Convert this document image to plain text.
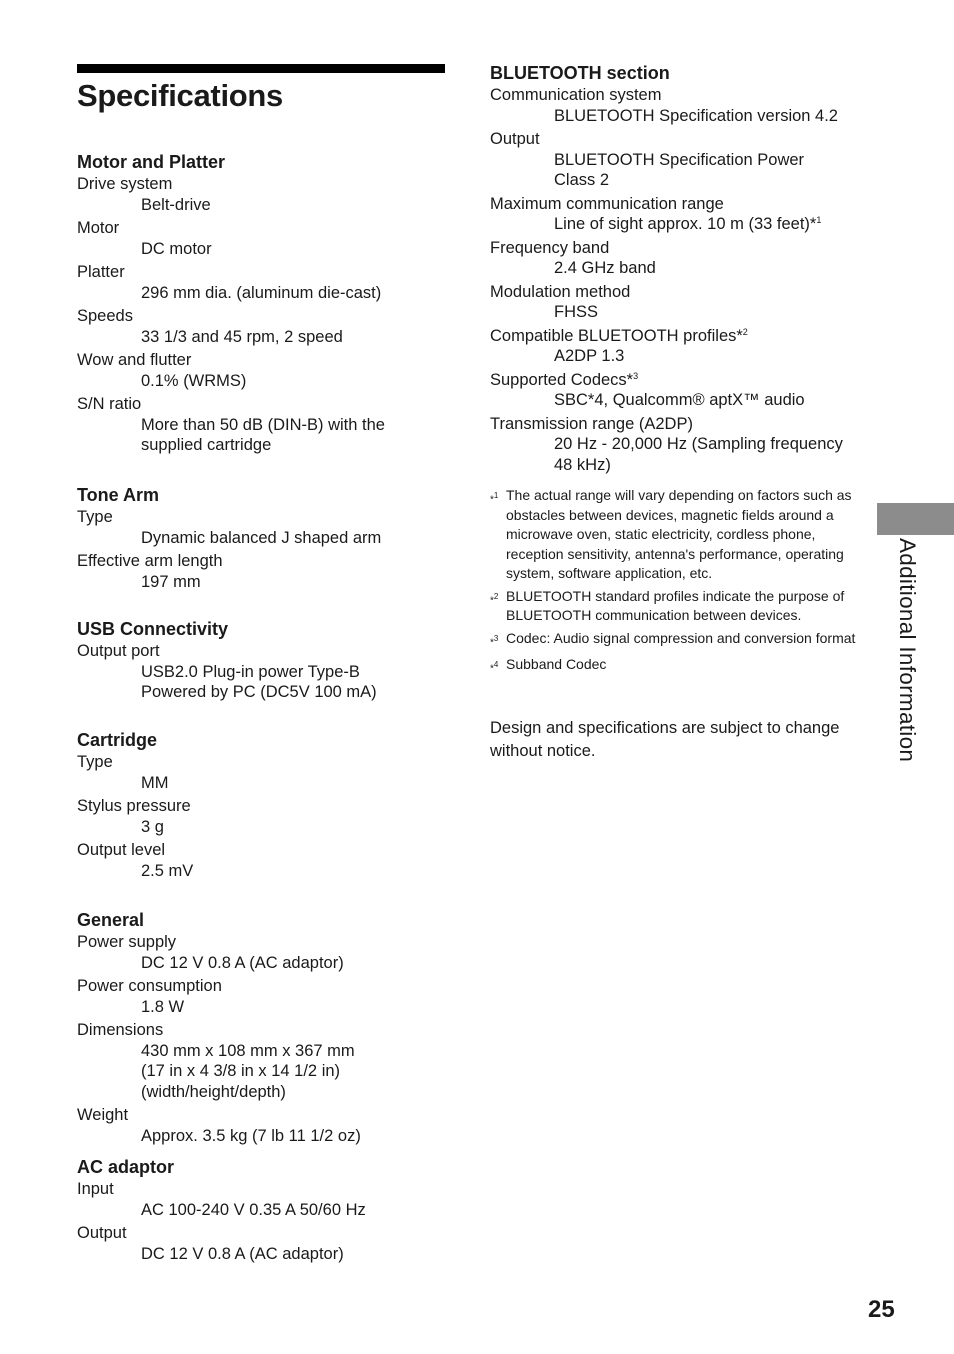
Specifications
Motor and Platter
Drive system
Belt-drive
Motor
DC motor
Platter
296 mm dia. (aluminum die-cast)
Speeds
33 1/3 and 45 rpm, 2 speed
Wow and flutter
0.1% (WRMS)
S/N ratio
More than 50 dB (DIN-B) with the
supplied cartridge
Tone Arm
Type
Dynamic balanced J shaped arm
Effective arm length
197 mm
USB Connectivity
Output port
USB2.0 Plug-in power Type-B
Powered by PC (DC5V 100 mA)
Cartridge
Type
MM
Stylus pressure
3 g
Output level
2.5 mV
General
Power supply
DC 12 V 0.8 A (AC adaptor)
Power consumption
1.8 W
Dimensions
430 mm x 108 mm x 367 mm
(17 in x 4 3/8 in x 14 1/2 in)
(width/height/depth)
Weight
Approx. 3.5 kg (7 lb 11 1/2 oz)
AC adaptor
Input
AC 100-240 V 0.35 A 50/60 Hz
Output
DC 12 V 0.8 A (AC adaptor)
BLUETOOTH section
Communication system
BLUETOOTH Specification version 4.2
Output
BLUETOOTH Specification Power
Class 2
Maximum communication range
Line of sight approx. 10 m (33 feet)*$^1$
Frequency band
2.4 GHz band
Modulation method
FHSS
Compatible BLUETOOTH profiles*$^2$
A2DP 1.3
Supported Codecs*$^3$
SBC*4, Qualcomm® aptX™ audio
Transmission range (A2DP)
20 Hz - 20,000 Hz (Sampling frequency
48 kHz)
*$^1$ The actual range will vary depending on factors such as obstacles between devices, magnetic fields around a microwave oven, static electricity, cordless phone, reception sensitivity, antenna's performance, operating system, software application, etc.
*$^2$ BLUETOOTH standard profiles indicate the purpose of BLUETOOTH communication between devices.
*$^3$ Codec: Audio signal compression and conversion format
*$^4$ Subband Codec
Design and specifications are subject to change without notice.	Additional Information
25
